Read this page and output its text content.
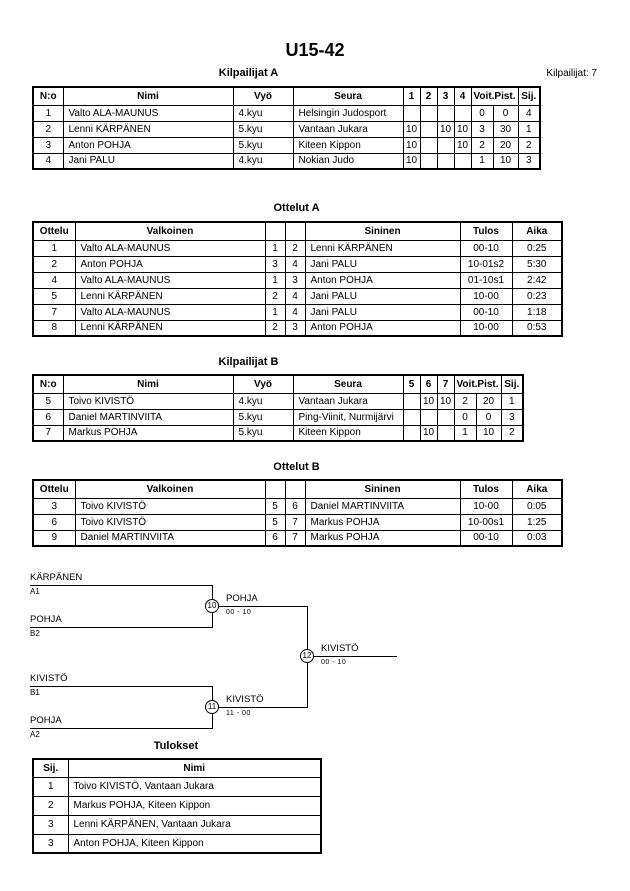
U15-42
Kilpailijat: 7
Kilpailijat A
N:o	Nimi	Vyö	Seura	1	2	3	4	Voit.Pist.		Sij.
1	Valto ALA-MAUNUS	4.kyu	Helsingin Judosport					0	0	4
2	Lenni KÄRPÄNEN	5.kyu	Vantaan Jukara	10		10	10	3	30	1
3	Anton POHJA	5.kyu	Kiteen Kippon	10			10	2	20	2
4	Jani PALU	4.kyu	Nokian Judo	10				1	10	3
Ottelut A
Ottelu	Valkoinen			Sininen	Tulos	Aika
1	Valto ALA-MAUNUS	1	2	Lenni KÄRPÄNEN	00-10	0:25
2	Anton POHJA	3	4	Jani PALU	10-01s2	5:30
4	Valto ALA-MAUNUS	1	3	Anton POHJA	01-10s1	2:42
5	Lenni KÄRPÄNEN	2	4	Jani PALU	10-00	0:23
7	Valto ALA-MAUNUS	1	4	Jani PALU	00-10	1:18
8	Lenni KÄRPÄNEN	2	3	Anton POHJA	10-00	0:53
Kilpailijat B
N:o	Nimi	Vyö	Seura	5	6	7	Voit.Pist.		Sij.
5	Toivo KIVISTÖ	4.kyu	Vantaan Jukara		10	10	2	20	1
6	Daniel MARTINVIITA	5.kyu	Ping-Viinit, Nurmijärvi				0	0	3
7	Markus POHJA	5.kyu	Kiteen Kippon		10		1	10	2
Ottelut B
Ottelu	Valkoinen			Sininen	Tulos	Aika
3	Toivo KIVISTÖ	5	6	Daniel MARTINVIITA	10-00	0:05
6	Toivo KIVISTÖ	5	7	Markus POHJA	10-00s1	1:25
9	Daniel MARTINVIITA	6	7	Markus POHJA	00-10	0:03
KÄRPÄNEN
A1
POHJA
B2
10
POHJA
00 - 10
KIVISTÖ
B1
POHJA
A2
11
KIVISTÖ
11 - 00
12
KIVISTÖ
00 - 10
Tulokset
Sij.	Nimi
1	Toivo KIVISTÖ, Vantaan Jukara
2	Markus POHJA, Kiteen Kippon
3	Lenni KÄRPÄNEN, Vantaan Jukara
3	Anton POHJA, Kiteen Kippon
